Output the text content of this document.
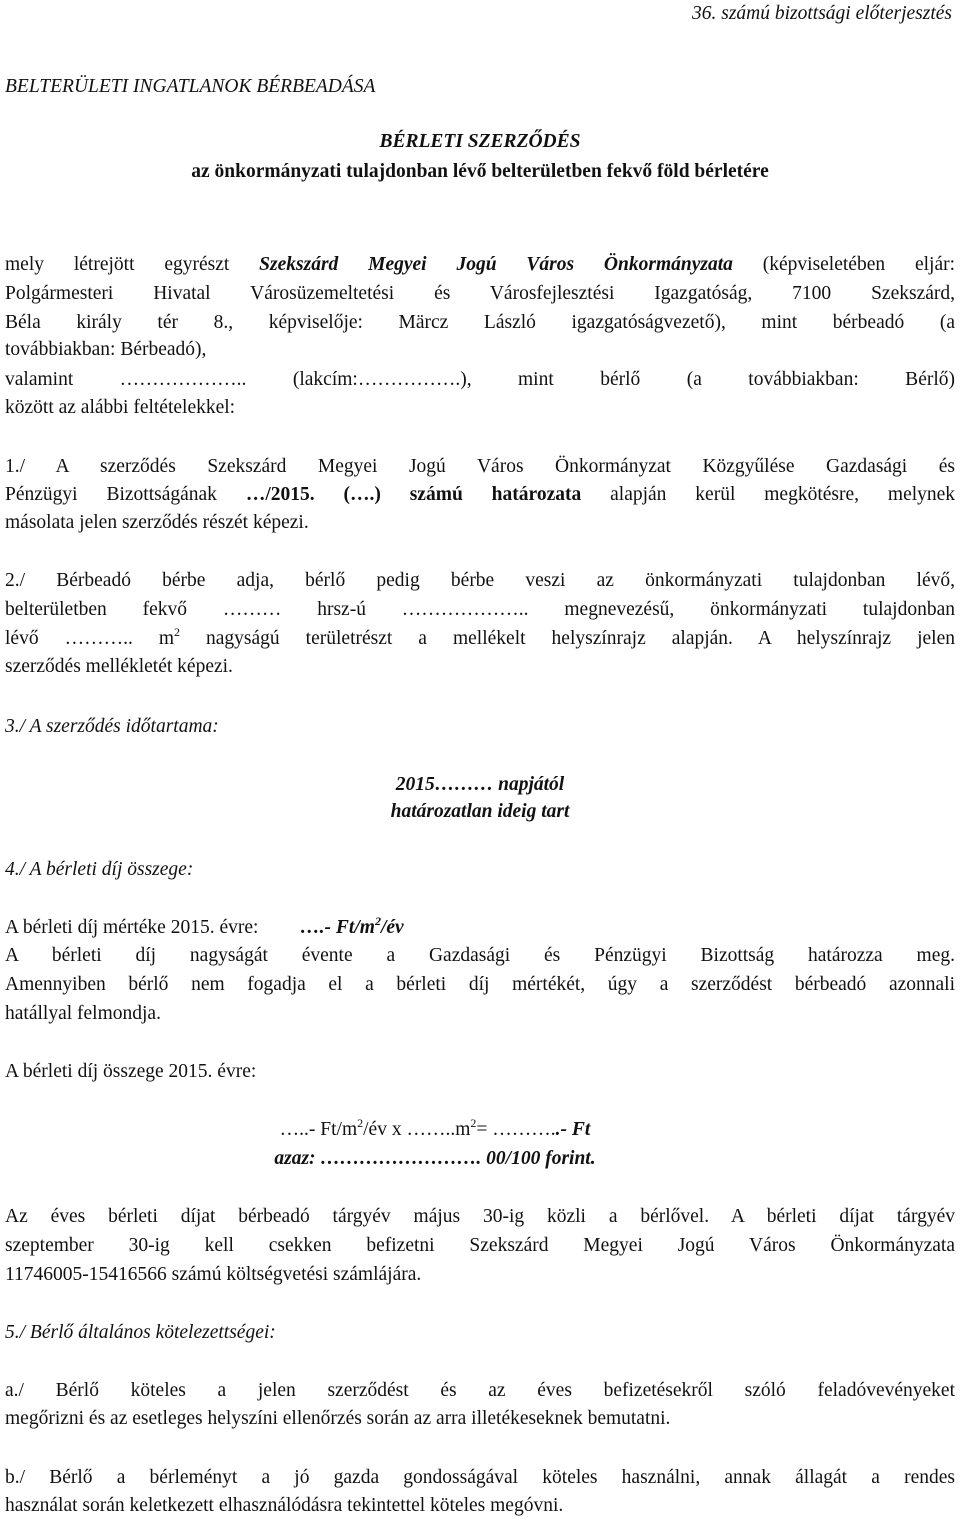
36. számú bizottsági előterjesztés
BELTERÜLETI INGATLANOK BÉRBEADÁSA
BÉRLETI SZERZŐDÉS
az önkormányzati tulajdonban lévő belterületben fekvő föld bérletére
mely létrejött egyrészt Szekszárd Megyei Jogú Város Önkormányzata (képviseletében eljár:
Polgármesteri Hivatal Városüzemeltetési és Városfejlesztési Igazgatóság, 7100 Szekszárd,
Béla király tér 8., képviselője: Märcz László igazgatóságvezető), mint bérbeadó (a
továbbiakban: Bérbeadó),
valamint ……………….. (lakcím:…………….), mint bérlő (a továbbiakban: Bérlő)
között az alábbi feltételekkel:
1./ A szerződés Szekszárd Megyei Jogú Város Önkormányzat Közgyűlése Gazdasági és
Pénzügyi Bizottságának …/2015. (….) számú határozata alapján kerül megkötésre, melynek
másolata jelen szerződés részét képezi.
2./ Bérbeadó bérbe adja, bérlő pedig bérbe veszi az önkormányzati tulajdonban lévő,
belterületben fekvő ……… hrsz-ú ……………….. megnevezésű, önkormányzati tulajdonban
lévő ……….. $m^2$ nagyságú területrészt a mellékelt helyszínrajz alapján. A helyszínrajz jelen
szerződés mellékletét képezi.
3./ A szerződés időtartama:
2015……… napjától
határozatlan ideig tart
4./ A bérleti díj összege:
A bérleti díj mértéke 2015. évre: ….- $Ft/m^2/év$
A bérleti díj nagyságát évente a Gazdasági és Pénzügyi Bizottság határozza meg.
Amennyiben bérlő nem fogadja el a bérleti díj mértékét, úgy a szerződést bérbeadó azonnali
hatállyal felmondja.
A bérleti díj összege 2015. évre:
…..- $Ft/m^2/év$ x $\dots\dots..m^2=$ ………..- Ft
azaz: ……………………. 00/100 forint.
Az éves bérleti díjat bérbeadó tárgyév május 30-ig közli a bérlővel. A bérleti díjat tárgyév
szeptember 30-ig kell csekken befizetni Szekszárd Megyei Jogú Város Önkormányzata
11746005-15416566 számú költségvetési számlájára.
5./ Bérlő általános kötelezettségei:
a./ Bérlő köteles a jelen szerződést és az éves befizetésekről szóló feladóvevényeket
megőrizni és az esetleges helyszíni ellenőrzés során az arra illetékeseknek bemutatni.
b./ Bérlő a bérleményt a jó gazda gondosságával köteles használni, annak állagát a rendes
használat során keletkezett elhasználódásra tekintettel köteles megóvni.
